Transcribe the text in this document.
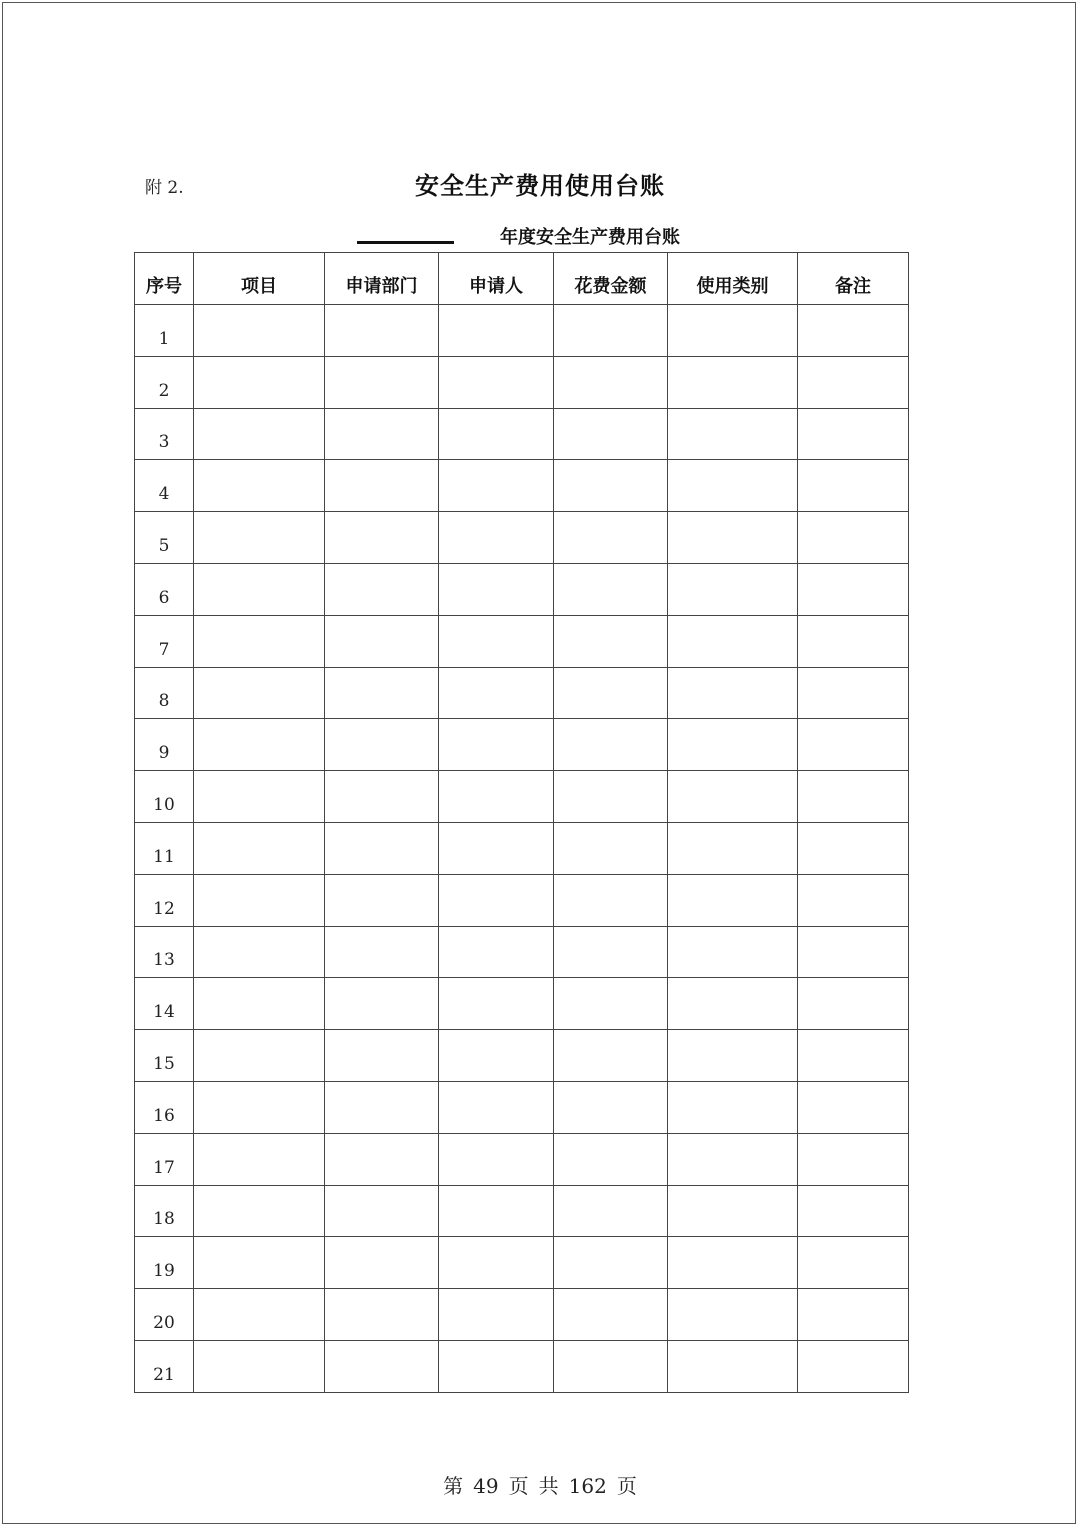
附 2.	安全生产费用使用台账
年度安全生产费用台账
序号	项目	申请部门	申请人	花费金额	使用类别	备注
1						
2						
3						
4						
5						
6						
7						
8						
9						
10						
11						
12						
13						
14						
15						
16						
17						
18						
19						
20						
21						
第 49 页 共 162 页
